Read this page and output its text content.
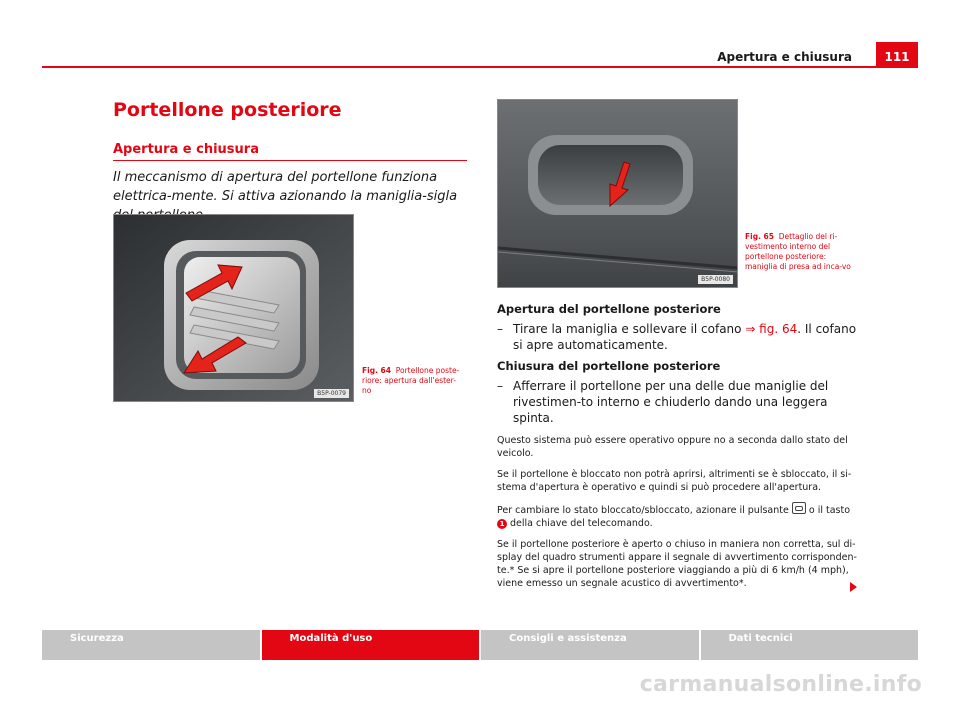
111
Apertura e chiusura
Portellone posteriore
Apertura e chiusura

Il meccanismo di apertura del portellone funziona elettrica-mente. Si attiva azionando la maniglia-sigla

B5P-0079
Fig. 64 Portellone poste-riore: apertura dall'ester-no
B5P-0080
Fig. 65 Dettaglio del ri-vestimento interno del portellone posteriore: maniglia di presa ad inca-vo

Apertura del portellone posteriore

– Tirare la maniglia e sollevare il cofano ⇒ fig. 64. Il cofano si apre automaticamente.

Chiusura del portellone posteriore

– Afferrare il portellone per una delle due maniglie del rivestimen-to interno e chiuderlo dando una leggera spinta.

Questo sistema può essere operativo oppure no a seconda dallo stato del veicolo.

Se il portellone è bloccato non potrà aprirsi, altrimenti se è sbloccato, il si-stema d'apertura è operativo e quindi si può procedere all'apertura.

Per cambiare lo stato bloccato/sbloccato, azionare il pulsante  o il tasto
1 della chiave del telecomando.

Se il portellone posteriore è aperto o chiuso in maniera non corretta, sul di-splay del quadro strumenti appare il segnale di avvertimento corrisponden-te.* Se si apre il portellone posteriore viaggiando a più di 6 km/h (4 mph), viene emesso un segnale acustico di avvertimento*.

Sicurezza	Modalità d'uso	Consigli e assistenza	Dati tecnici
carmanualsonline.info
